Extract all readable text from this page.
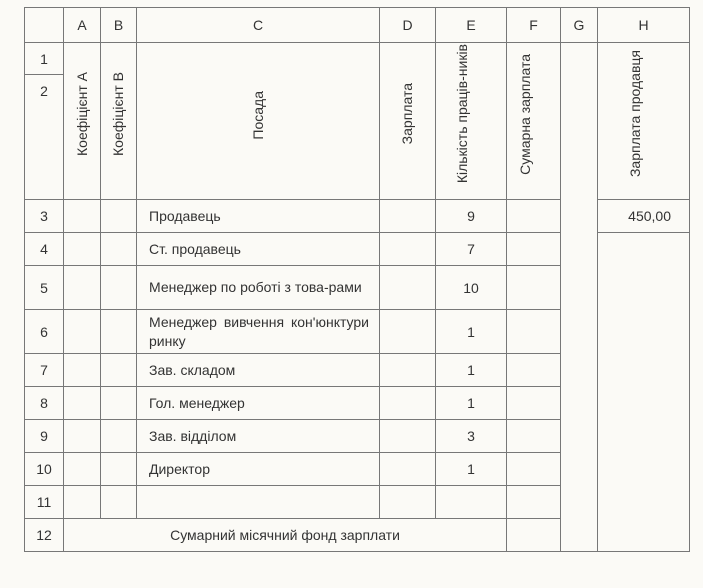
	A	B	C	D	E	F	G	H
1	Коефіцієнт А	Коефіцієнт В	Посада	Зарплата	Кількість праців-ників	Сумарна зарплата		Зарплата продавця

2								
3			Продавець		9			450,00
4			Ст. продавець		7			
5			Менеджер по роботі з това-рами		10			
6			Менеджер вивчення кон'юнктури ринку		1			
7			Зав. складом		1			
8			Гол. менеджер		1			
9			Зав. відділом		3			
10			Директор		1			
11								
12	Сумарний місячний фонд зарплати							
